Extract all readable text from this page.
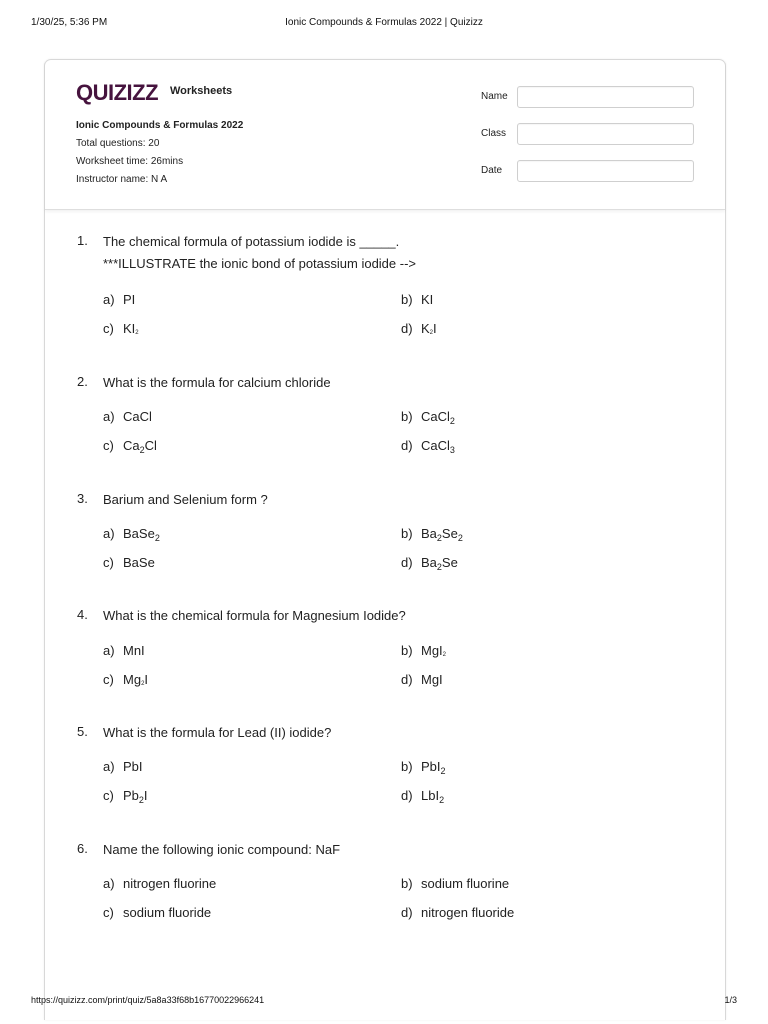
1/30/25, 5:36 PM	Ionic Compounds & Formulas 2022 | Quizizz
QUIZIZZ Worksheets
Ionic Compounds & Formulas 2022
Total questions: 20
Worksheet time: 26mins
Instructor name: N A
Name
Class
Date
1. The chemical formula of potassium iodide is _____.
***ILLUSTRATE the ionic bond of potassium iodide -->
a) PI	b) KI
c) KI2	d) K2I
2. What is the formula for calcium chloride
a) CaCl	b) CaCl$_2$
c) $Ca_2Cl$	d) CaCl$_3$
3. Barium and Selenium form ?
a) BaSe$_2$	b) $Ba_2Se_2$
c) BaSe	d) $Ba_2Se$
4. What is the chemical formula for Magnesium Iodide?
a) MnI	b) MgI2
c) Mg2I	d) MgI
5. What is the formula for Lead (II) iodide?
a) PbI	b) PbI$_2$
c) $Pb_2I$	d) LbI$_2$
6. Name the following ionic compound: NaF
a) nitrogen fluorine	b) sodium fluorine
c) sodium fluoride	d) nitrogen fluoride
https://quizizz.com/print/quiz/5a8a33f68b16770022966241	1/3
